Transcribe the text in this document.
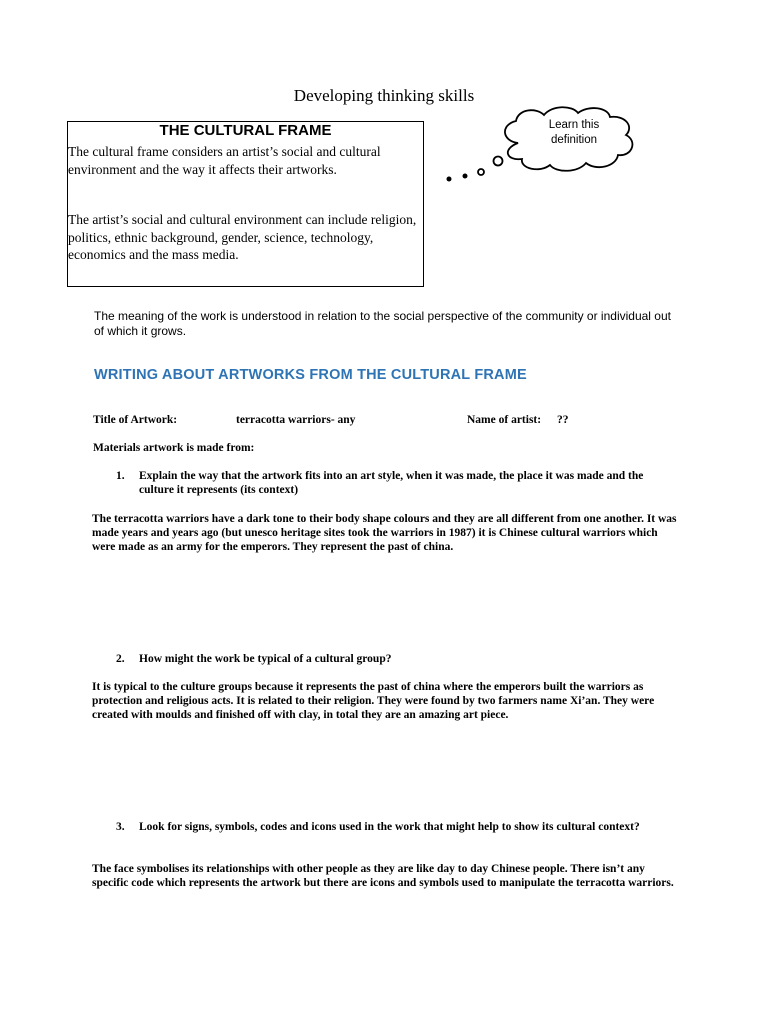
Developing thinking skills
THE CULTURAL FRAME
The cultural frame considers an artist’s social and cultural environment and the way it affects their artworks.
The artist’s social and cultural environment can include religion, politics, ethnic background, gender, science, technology, economics and the mass media.
Learn this definition
The meaning of the work is understood in relation to the social perspective of the community or individual out of which it grows.
WRITING ABOUT ARTWORKS FROM THE CULTURAL FRAME
Title of Artwork:	terracotta warriors- any	Name of artist: ??
Materials artwork is made from:
1.	Explain the way that the artwork fits into an art style, when it was made, the place it was made and the culture it represents (its context)
The terracotta warriors have a dark tone to their body shape colours and they are all different from one another. It was made years and years ago (but unesco heritage sites took the warriors in 1987) it is Chinese cultural warriors which were made as an army for the emperors. They represent the past of china.
2.	How might the work be typical of a cultural group?
It is typical to the culture groups because it represents the past of china where the emperors built the warriors as protection and religious acts. It is related to their religion. They were found by two farmers name Xi’an. They were created with moulds and finished off with clay, in total they are an amazing art piece.
3.	Look for signs, symbols, codes and icons used in the work that might help to show its cultural context?
The face symbolises its relationships with other people as they are like day to day Chinese people. There isn’t any specific code which represents the artwork but there are icons and symbols used to manipulate the terracotta warriors.
